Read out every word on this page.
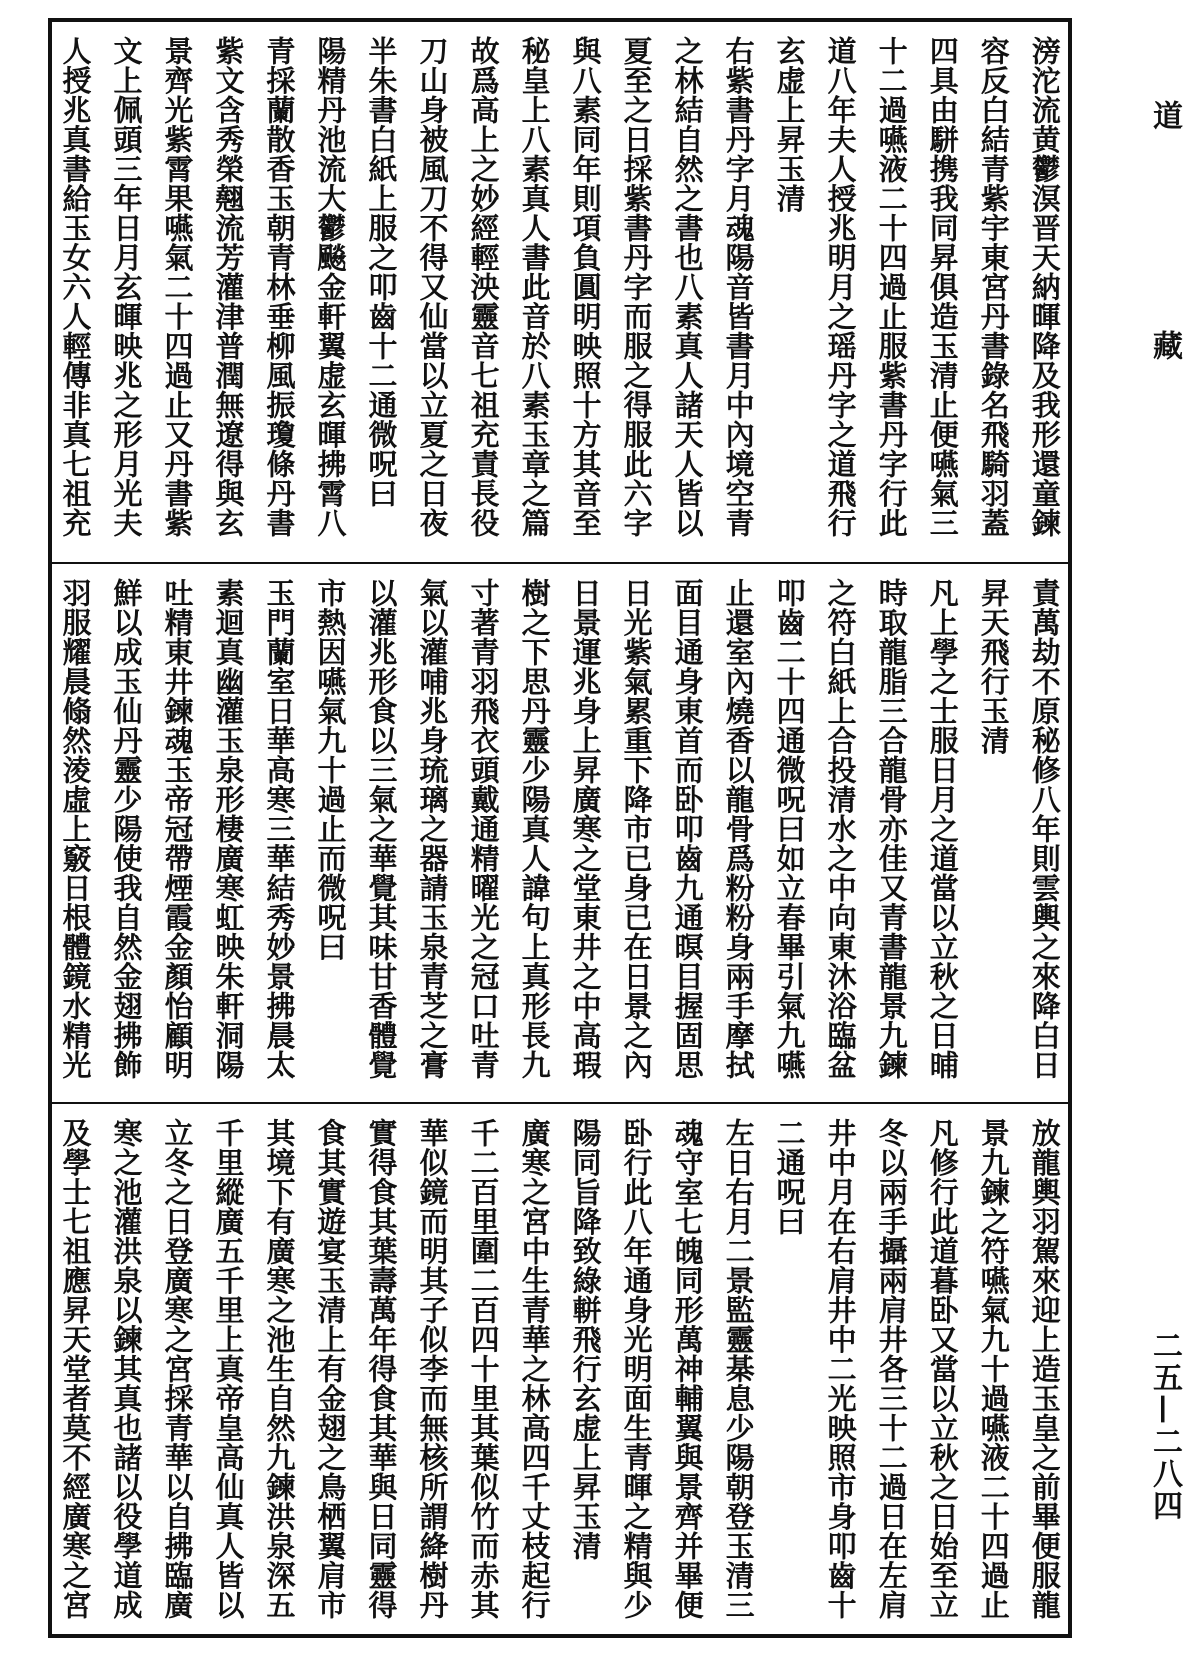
道
藏
二五—二八四
滂沱流黄鬱溟晋天納暉降及我形還童鍊
容反白結青紫宇東宮丹書錄名飛騎羽蓋
四具由駢携我同昇俱造玉清止便嚥氣三
十二過嚥液二十四過止服紫書丹字行此
道八年夫人授兆明月之瑶丹字之道飛行
玄虚上昇玉清
右紫書丹字月魂陽音皆書月中內境空青
之林結自然之書也八素真人諸天人皆以
夏至之日採紫書丹字而服之得服此六字
與八素同年則項負圓明映照十方其音至
秘皇上八素真人書此音於八素玉章之篇
故爲高上之妙經輕泱靈音七祖充責長役
刀山身被風刀不得又仙當以立夏之日夜
半朱書白紙上服之叩齒十二通微呪曰
陽精丹池流大鬱飈金軒翼虚玄暉拂霄八
青採蘭散香玉朝青林垂柳風振瓊條丹書
紫文含秀榮翹流芳灌津普潤無遼得與玄
景齊光紫霄果嚥氣二十四過止又丹書紫
文上佩頭三年日月玄暉映兆之形月光夫
人授兆真書給玉女六人輕傳非真七祖充
責萬劫不原秘修八年則雲輿之來降白日
昇天飛行玉清
凡上學之士服日月之道當以立秋之日晡
時取龍脂三合龍骨亦佳又青書龍景九鍊
之符白紙上合投清水之中向東沐浴臨盆
叩齒二十四通微呪曰如立春畢引氣九嚥
止還室內燒香以龍骨爲粉粉身兩手摩拭
面目通身東首而卧叩齒九通暝目握固思
日光紫氣累重下降市已身已在日景之內
日景運兆身上昇廣寒之堂東井之中高瑕
樹之下思丹靈少陽真人諱句上真形長九
寸著青羽飛衣頭戴通精曜光之冠口吐青
氣以灌哺兆身琉璃之器請玉泉青芝之膏
以灌兆形食以三氣之華覺其味甘香體覺
市熱因嚥氣九十過止而微呪曰
玉門蘭室日華高寒三華結秀妙景拂晨太
素迴真幽灌玉泉形棲廣寒虹映朱軒洞陽
吐精東井鍊魂玉帝冠帶煙霞金顏怡顧明
鮮以成玉仙丹靈少陽使我自然金翅拂飾
羽服耀晨翛然淩虛上竅日根體鏡水精光
放龍輿羽駕來迎上造玉皇之前畢便服龍
景九鍊之符嚥氣九十過嚥液二十四過止
凡修行此道暮卧又當以立秋之日始至立
冬以兩手攝兩肩井各三十二過日在左肩
井中月在右肩井中二光映照市身叩齒十
二通呪曰
左日右月二景監靈棊息少陽朝登玉清三
魂守室七魄同形萬神輔翼與景齊并畢便
卧行此八年通身光明面生青暉之精與少
陽同旨降致綠軿飛行玄虚上昇玉清
廣寒之宮中生青華之林高四千丈枝起行
千二百里圍二百四十里其葉似竹而赤其
華似鏡而明其子似李而無核所謂絳樹丹
實得食其葉壽萬年得食其華與日同靈得
食其實遊宴玉清上有金翅之鳥栖翼肩市
其境下有廣寒之池生自然九鍊洪泉深五
千里縱廣五千里上真帝皇高仙真人皆以
立冬之日登廣寒之宮採青華以自拂臨廣
寒之池灌洪泉以鍊其真也諸以役學道成
及學士七祖應昇天堂者莫不經廣寒之宮
